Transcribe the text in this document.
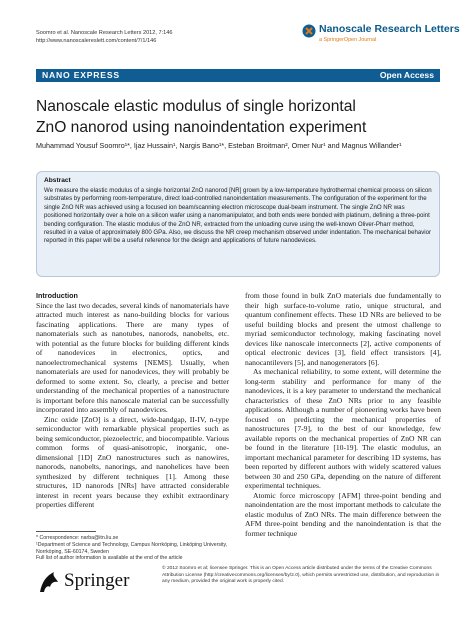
Soomro et al. Nanoscale Research Letters 2012, 7:146
http://www.nanoscalereslett.com/content/7/1/146
Nanoscale Research Letters
a SpringerOpen Journal
NANO EXPRESS	Open Access
Nanoscale elastic modulus of single horizontal
ZnO nanorod using nanoindentation experiment
Muhammad Yousuf Soomro¹*, Ijaz Hussain¹, Nargis Bano¹*, Esteban Broitman², Omer Nur¹ and Magnus Willander¹
Abstract
We measure the elastic modulus of a single horizontal ZnO nanorod [NR] grown by a low-temperature hydrothermal chemical process on silicon substrates by performing room-temperature, direct load-controlled nanoindentation measurements. The configuration of the experiment for the single ZnO NR was achieved using a focused ion beam/scanning electron microscope dual-beam instrument. The single ZnO NR was positioned horizontally over a hole on a silicon wafer using a nanomanipulator, and both ends were bonded with platinum, defining a three-point bending configuration. The elastic modulus of the ZnO NR, extracted from the unloading curve using the well-known Oliver-Pharr method, resulted in a value of approximately 800 GPa. Also, we discuss the NR creep mechanism observed under indentation. The mechanical behavior reported in this paper will be a useful reference for the design and applications of future nanodevices.

Introduction

Since the last two decades, several kinds of nanomaterials have attracted much interest as nano-building blocks for various fascinating applications. There are many types of nanomaterials such as nanotubes, nanorods, nanobelts, etc. with potential as the future blocks for building different kinds of nanodevices in electronics, optics, and nanoelectromechanical systems [NEMS]. Usually, when nanomaterials are used for nanodevices, they will probably be deformed to some extent. So, clearly, a precise and better understanding of the mechanical properties of a nanostructure is important before this nanoscale material can be successfully incorporated into assembly of nanodevices.

Zinc oxide [ZnO] is a direct, wide-bandgap, II-IV, n-type semiconductor with remarkable physical properties such as being semiconductor, piezoelectric, and biocompatible. Various common forms of quasi-anisotropic, inorganic, one-dimensional [1D] ZnO nanostructures such as nanowires, nanorods, nanobelts, nanorings, and nanohelices have been synthesized by different techniques [1]. Among these structures, 1D nanorods [NRs] have attracted considerable interest in recent years because they exhibit extraordinary properties different

* Correspondence: narba@itn.liu.se
¹Department of Science and Technology, Campus Norrköping, Linköping University, Norrköping, SE-60174, Sweden
Full list of author information is available at the end of the article

from those found in bulk ZnO materials due fundamentally to their high surface-to-volume ratio, unique structural, and quantum confinement effects. These 1D NRs are believed to be useful building blocks and present the utmost challenge to myriad semiconductor technology, making fascinating novel devices like nanoscale interconnects [2], active components of optical electronic devices [3], field effect transistors [4], nanocantilevers [5], and nanogenerators [6].

As mechanical reliability, to some extent, will determine the long-term stability and performance for many of the nanodevices, it is a key parameter to understand the mechanical characteristics of these ZnO NRs prior to any feasible applications. Although a number of pioneering works have been focused on predicting the mechanical properties of nanostructures [7-9], to the best of our knowledge, few available reports on the mechanical properties of ZnO NR can be found in the literature [10-19]. The elastic modulus, an important mechanical parameter for describing 1D systems, has been reported by different authors with widely scattered values between 30 and 250 GPa, depending on the nature of different experimental techniques.

Atomic force microscopy [AFM] three-point bending and nanoindentation are the most important methods to calculate the elastic modulus of ZnO NRs. The main difference between the AFM three-point bending and the nanoindentation is that the former technique

Springer
© 2012 Soomro et al; licensee Springer. This is an Open Access article distributed under the terms of the Creative Commons Attribution License (http://creativecommons.org/licenses/by/2.0), which permits unrestricted use, distribution, and reproduction in any medium, provided the original work is properly cited.
